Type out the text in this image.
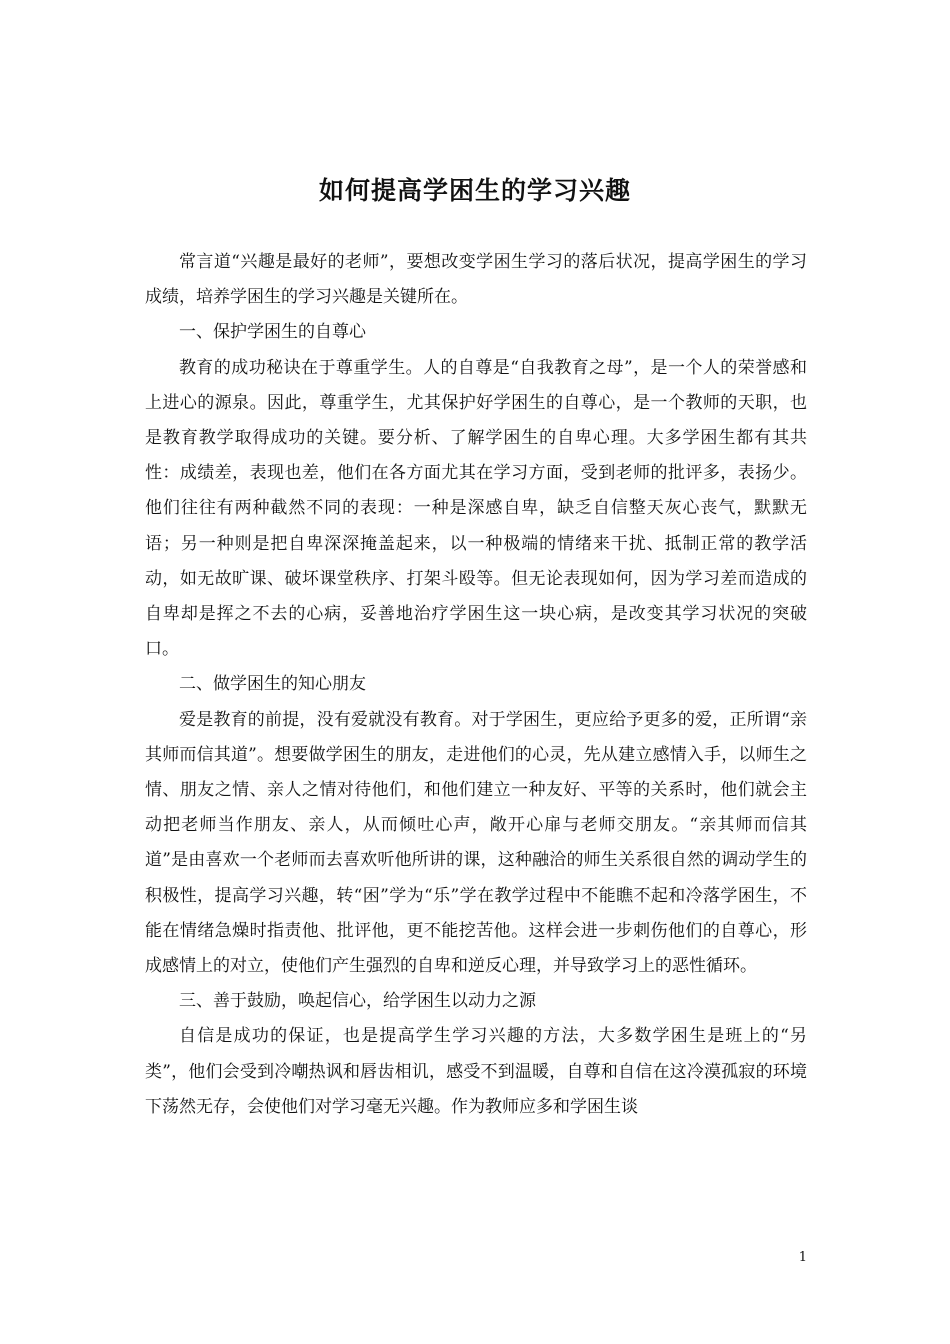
如何提高学困生的学习兴趣

常言道“兴趣是最好的老师”，要想改变学困生学习的落后状况，提高学困生的学习成绩，培养学困生的学习兴趣是关键所在。

一、保护学困生的自尊心

教育的成功秘诀在于尊重学生。人的自尊是“自我教育之母”，是一个人的荣誉感和上进心的源泉。因此，尊重学生，尤其保护好学困生的自尊心，是一个教师的天职，也是教育教学取得成功的关键。要分析、了解学困生的自卑心理。大多学困生都有其共性：成绩差，表现也差，他们在各方面尤其在学习方面，受到老师的批评多，表扬少。他们往往有两种截然不同的表现：一种是深感自卑，缺乏自信整天灰心丧气，默默无语；另一种则是把自卑深深掩盖起来，以一种极端的情绪来干扰、抵制正常的教学活动，如无故旷课、破坏课堂秩序、打架斗殴等。但无论表现如何，因为学习差而造成的自卑却是挥之不去的心病，妥善地治疗学困生这一块心病，是改变其学习状况的突破口。

二、做学困生的知心朋友

爱是教育的前提，没有爱就没有教育。对于学困生，更应给予更多的爱，正所谓“亲其师而信其道”。想要做学困生的朋友，走进他们的心灵，先从建立感情入手，以师生之情、朋友之情、亲人之情对待他们，和他们建立一种友好、平等的关系时，他们就会主动把老师当作朋友、亲人，从而倾吐心声，敞开心扉与老师交朋友。“亲其师而信其道”是由喜欢一个老师而去喜欢听他所讲的课，这种融洽的师生关系很自然的调动学生的积极性，提高学习兴趣，转“困”学为“乐”学在教学过程中不能瞧不起和冷落学困生，不能在情绪急燥时指责他、批评他，更不能挖苦他。这样会进一步刺伤他们的自尊心，形成感情上的对立，使他们产生强烈的自卑和逆反心理，并导致学习上的恶性循环。

三、善于鼓励，唤起信心，给学困生以动力之源

自信是成功的保证，也是提高学生学习兴趣的方法，大多数学困生是班上的“另类”，他们会受到冷嘲热讽和唇齿相讥，感受不到温暖，自尊和自信在这冷漠孤寂的环境下荡然无存，会使他们对学习毫无兴趣。作为教师应多和学困生谈

1
